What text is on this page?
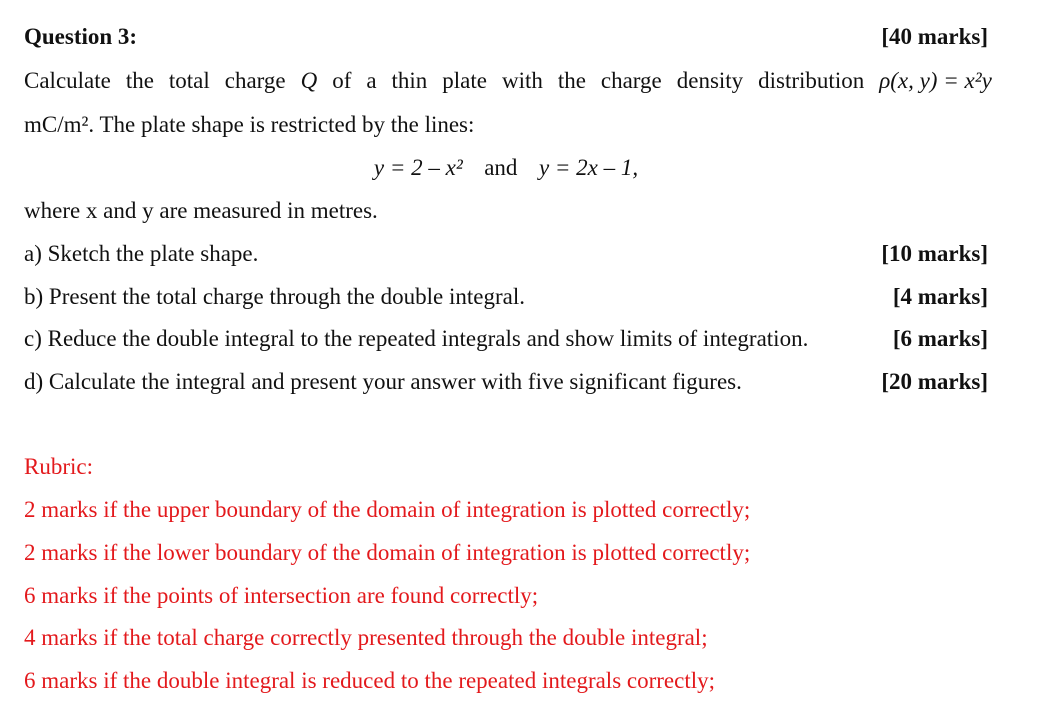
Question 3:	[40 marks]
Calculate the total charge Q of a thin plate with the charge density distribution ρ(x, y) = x²y
mC/m². The plate shape is restricted by the lines:
y = 2 – x² and y = 2x – 1,
where x and y are measured in metres.
a) Sketch the plate shape.	[10 marks]
b) Present the total charge through the double integral.	[4 marks]
c) Reduce the double integral to the repeated integrals and show limits of integration.	[6 marks]
d) Calculate the integral and present your answer with five significant figures.	[20 marks]
Rubric:
2 marks if the upper boundary of the domain of integration is plotted correctly;
2 marks if the lower boundary of the domain of integration is plotted correctly;
6 marks if the points of intersection are found correctly;
4 marks if the total charge correctly presented through the double integral;
6 marks if the double integral is reduced to the repeated integrals correctly;
